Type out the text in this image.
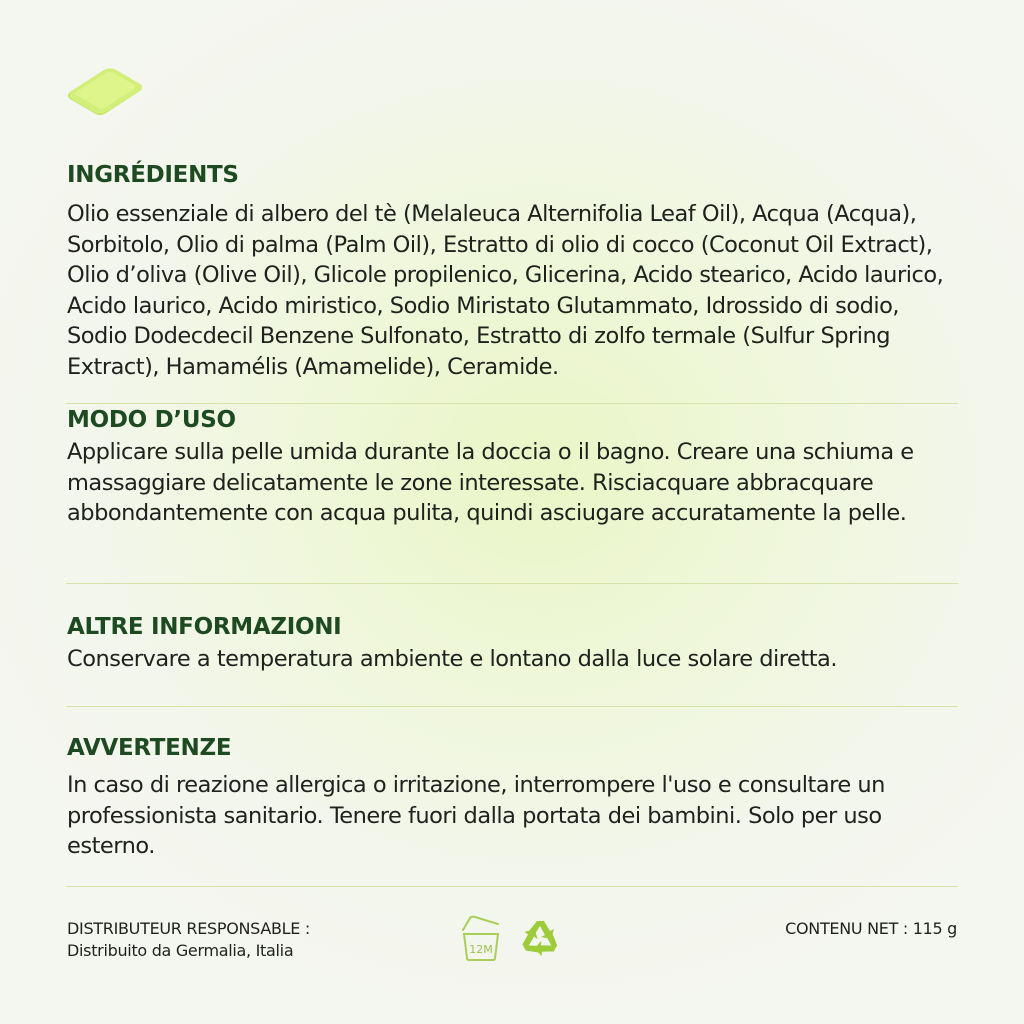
INGRÉDIENTS

Olio essenziale di albero del tè (Melaleuca Alternifolia Leaf Oil), Acqua (Acqua), Sorbitolo, Olio di palma (Palm Oil), Estratto di olio di cocco (Coconut Oil Extract), Olio d’oliva (Olive Oil), Glicole propilenico, Glicerina, Acido stearico, Acido laurico, Acido laurico, Acido miristico, Sodio Miristato Glutammato, Idrossido di sodio, Sodio Dodecdecil Benzene Sulfonato, Estratto di zolfo termale (Sulfur Spring Extract), Hamamélis (Amamelide), Ceramide.

MODO D’USO

Applicare sulla pelle umida durante la doccia o il bagno. Creare una schiuma e massaggiare delicatamente le zone interessate. Risciacquare abbracquare abbondantemente con acqua pulita, quindi asciugare accuratamente la pelle.

ALTRE INFORMAZIONI

Conservare a temperatura ambiente e lontano dalla luce solare diretta.

AVVERTENZE

In caso di reazione allergica o irritazione, interrompere l'uso e consultare un professionista sanitario. Tenere fuori dalla portata dei bambini. Solo per uso esterno.

DISTRIBUTEUR RESPONSABLE :
Distribuito da Germalia, Italia	12M
CONTENU NET : 115 g
